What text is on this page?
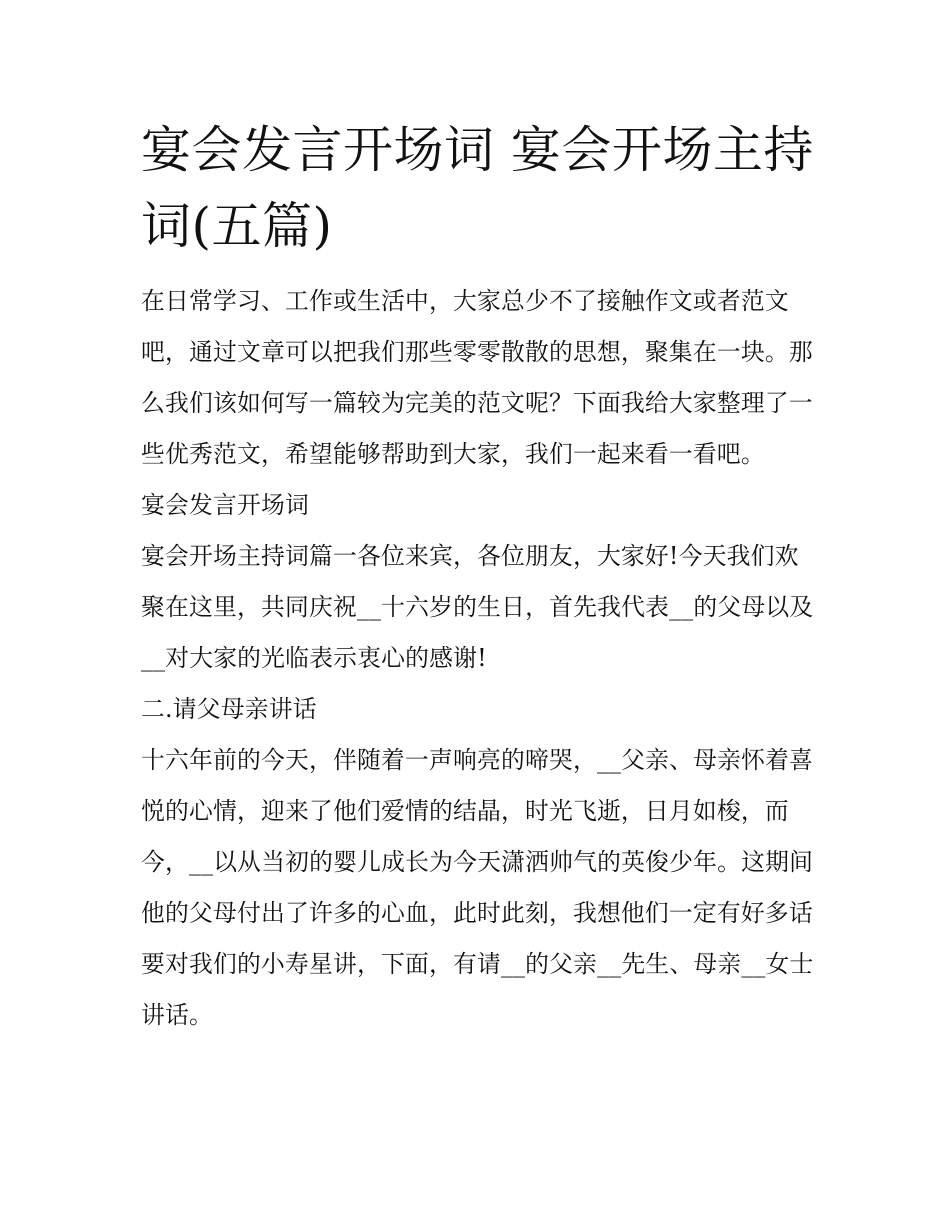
宴会发言开场词 宴会开场主持词(五篇)

在日常学习、工作或生活中，大家总少不了接触作文或者范文吧，通过文章可以把我们那些零零散散的思想，聚集在一块。那么我们该如何写一篇较为完美的范文呢？下面我给大家整理了一些优秀范文，希望能够帮助到大家，我们一起来看一看吧。

宴会发言开场词

宴会开场主持词篇一各位来宾，各位朋友，大家好!今天我们欢聚在这里，共同庆祝__十六岁的生日，首先我代表__的父母以及__对大家的光临表示衷心的感谢!

二.请父母亲讲话

十六年前的今天，伴随着一声响亮的啼哭，__父亲、母亲怀着喜悦的心情，迎来了他们爱情的结晶，时光飞逝，日月如梭，而今，__以从当初的婴儿成长为今天潇洒帅气的英俊少年。这期间他的父母付出了许多的心血，此时此刻，我想他们一定有好多话要对我们的小寿星讲，下面，有请__的父亲__先生、母亲__女士讲话。
